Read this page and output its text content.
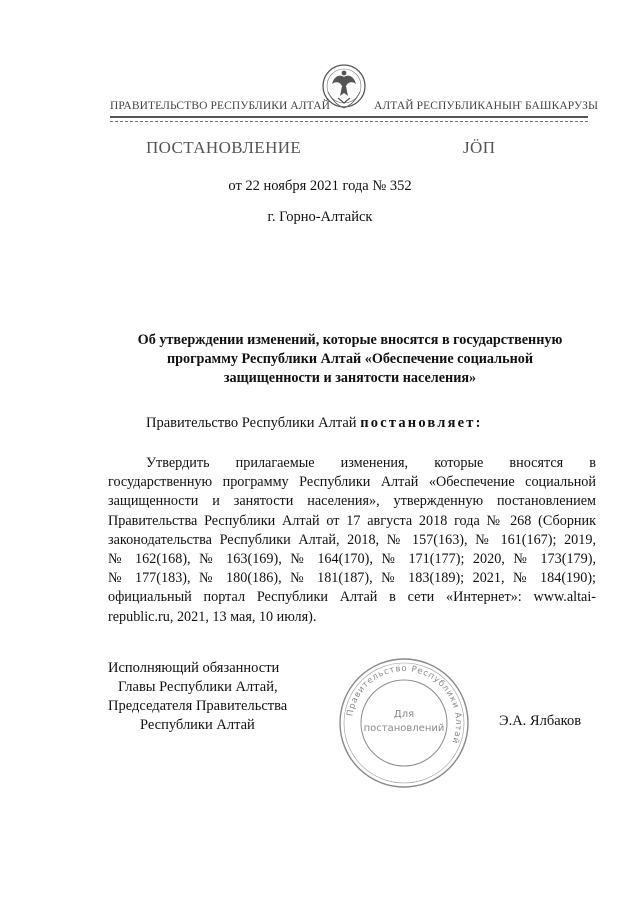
ПРАВИТЕЛЬСТВО РЕСПУБЛИКИ АЛТАЙ	АЛТАЙ РЕСПУБЛИКАНЫҤ БАШКАРУЗЫ
ПОСТАНОВЛЕНИЕ	ЈӦП
от 22 ноября 2021 года № 352
г. Горно-Алтайск
Об утверждении изменений, которые вносятся в государственную
программу Республики Алтай «Обеспечение социальной
защищенности и занятости населения»
Правительство Республики Алтай постановляет:
Утвердить прилагаемые изменения, которые вносятся в
государственную программу Республики Алтай «Обеспечение социальной
защищенности и занятости населения», утвержденную постановлением
Правительства Республики Алтай от 17 августа 2018 года № 268 (Сборник
законодательства Республики Алтай, 2018, № 157(163), № 161(167); 2019,
№ 162(168), № 163(169), № 164(170), № 171(177); 2020, № 173(179),
№ 177(183), № 180(186), № 181(187), № 183(189); 2021, № 184(190);
официальный портал Республики Алтай в сети «Интернет»: www.altai-
republic.ru, 2021, 13 мая, 10 июля).
Исполняющий обязанности
Главы Республики Алтай,
Председателя Правительства
Республики Алтай
Правительство Республики Алтай
Для
постановлений	Э.А. Ялбаков
